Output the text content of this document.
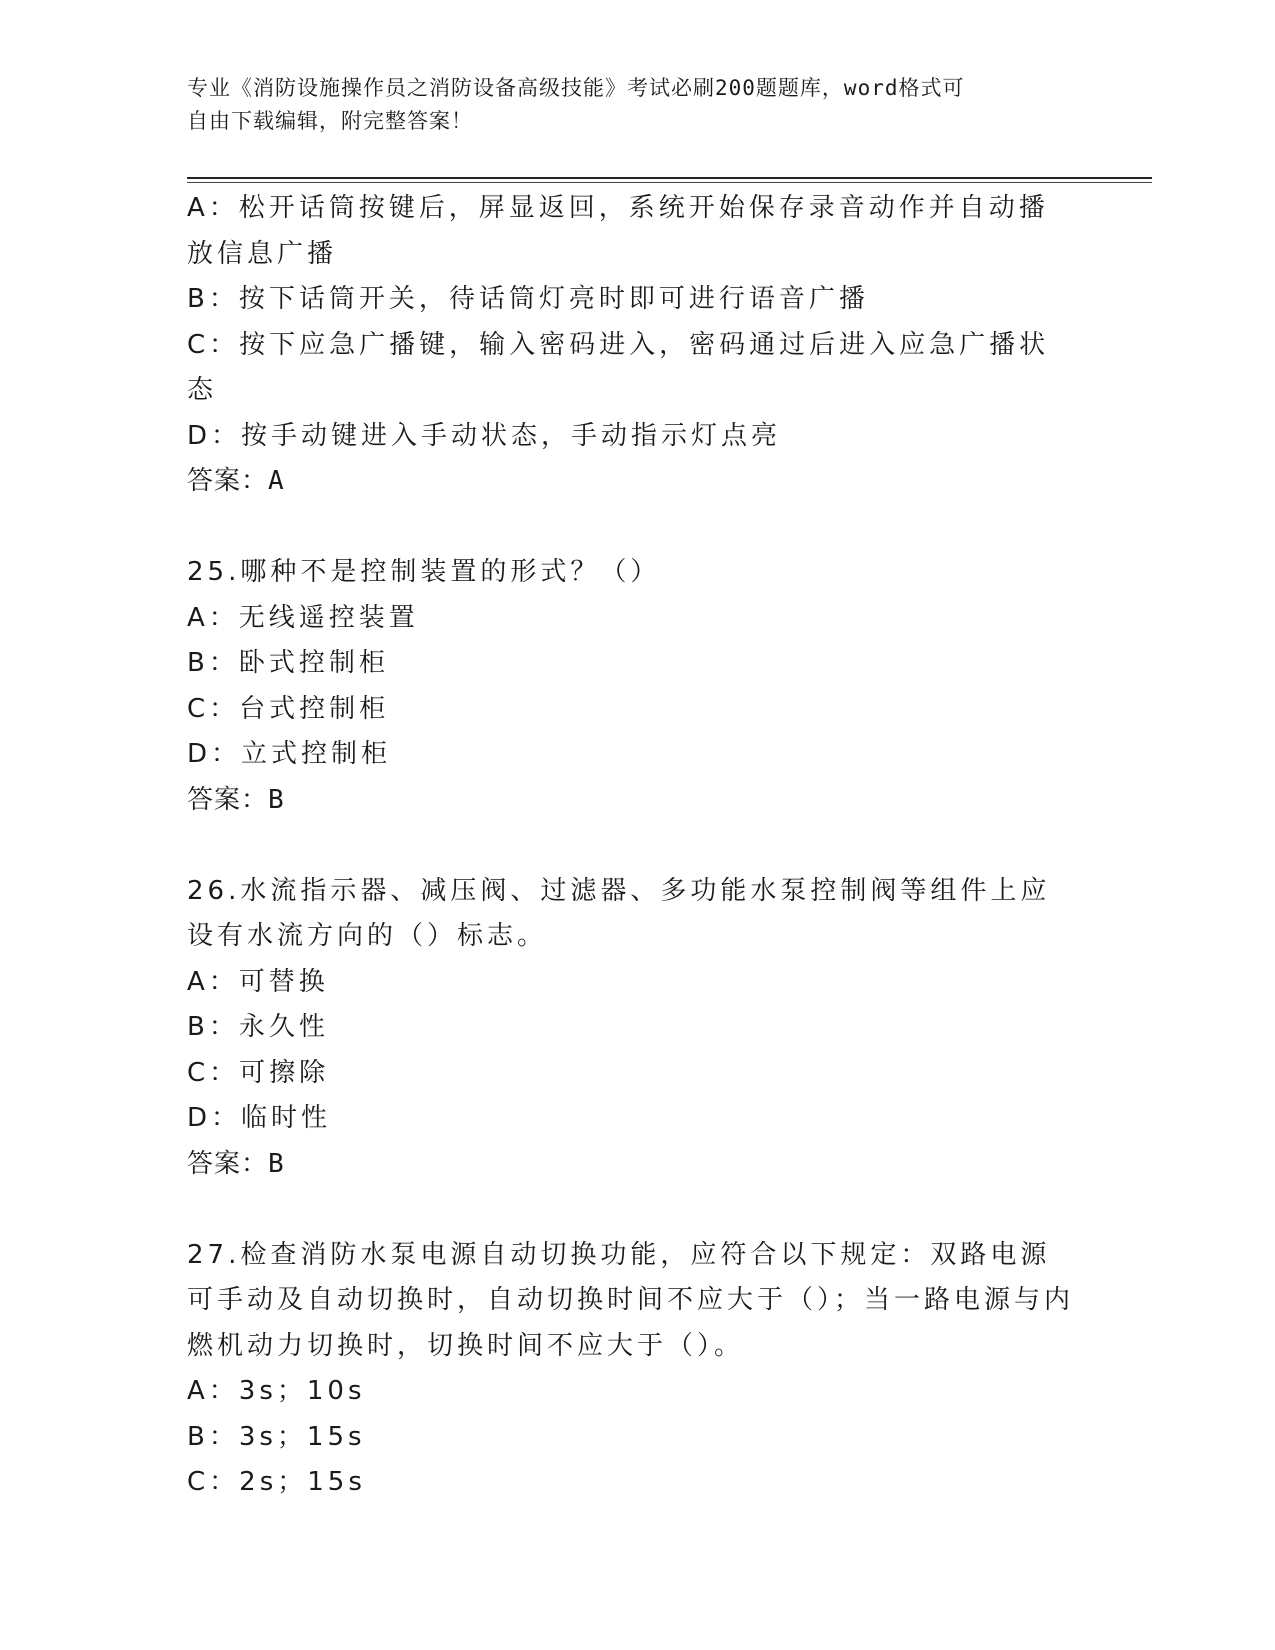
专业《消防设施操作员之消防设备高级技能》考试必刷200题题库，word格式可
自由下载编辑，附完整答案！
A：松开话筒按键后，屏显返回，系统开始保存录音动作并自动播放信息广播
B：按下话筒开关，待话筒灯亮时即可进行语音广播
C：按下应急广播键，输入密码进入，密码通过后进入应急广播状态
D：按手动键进入手动状态，手动指示灯点亮
答案：A
25.哪种不是控制装置的形式？（）
A：无线遥控装置
B：卧式控制柜
C：台式控制柜
D：立式控制柜
答案：B
26.水流指示器、减压阀、过滤器、多功能水泵控制阀等组件上应设有水流方向的（）标志。
A：可替换
B：永久性
C：可擦除
D：临时性
答案：B
27.检查消防水泵电源自动切换功能，应符合以下规定：双路电源可手动及自动切换时，自动切换时间不应大于（）；当一路电源与内燃机动力切换时，切换时间不应大于（）。
A：3s；10s
B：3s；15s
C：2s；15s
